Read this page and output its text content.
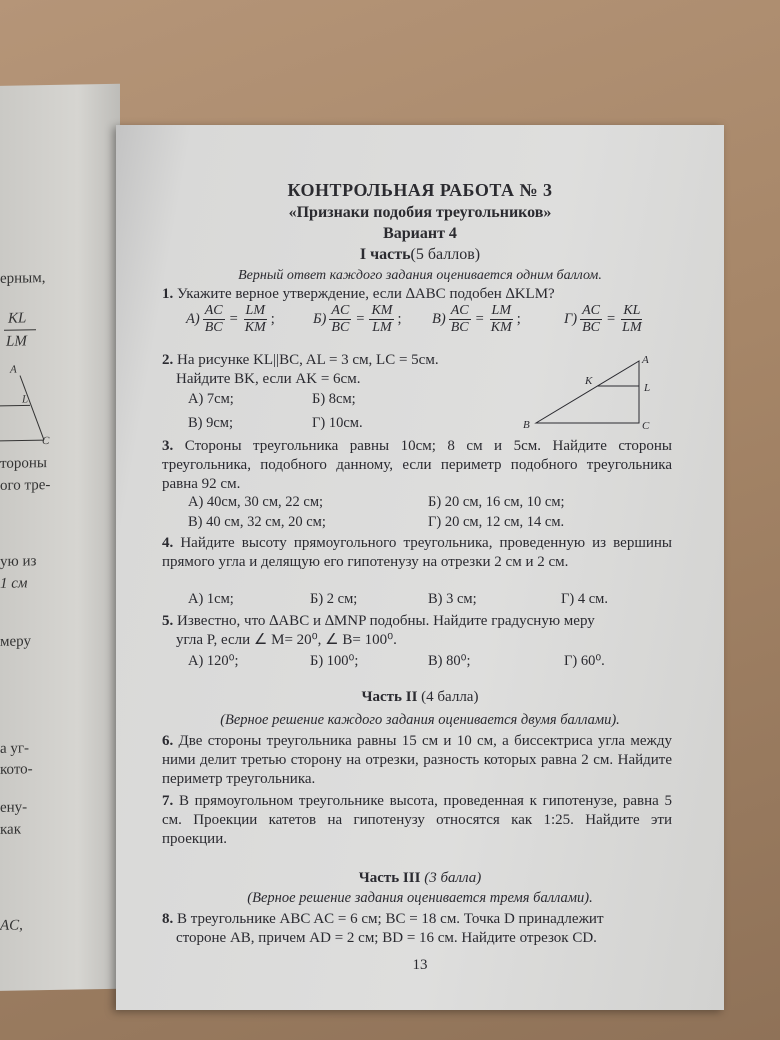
ерным,
KL
LM
A
L
C
тороны
ого тре-
ую из
1 см
меру
а уг-
кото-
ену-
как
AC,
КОНТРОЛЬНАЯ РАБОТА № 3
«Признаки подобия треугольников»
Вариант 4
I часть(5 баллов)
Верный ответ каждого задания оценивается одним баллом.
1. Укажите верное утверждение, если ∆ABC подобен ∆KLM?
$А) \frac{AC}{BC} = \frac{LM}{KM}$ ;	$Б) \frac{AC}{BC} = \frac{KM}{LM}$ ; $В) \frac{AC}{BC} = \frac{LM}{KM}$ ;	$Г) \frac{AC}{BC} = \frac{KL}{LM}$
2. На рисунке KL||BC, AL = 3 см, LC = 5см.
Найдите BK, если AK = 6см.
А) 7см;	Б) 8см;
В) 9см;	Г) 10см.
A
K
L
B	C
3. Стороны треугольника равны 10см; 8 см и 5см. Найдите стороны треугольника, подобного данному, если периметр подобного треугольника равна 92 см.
А) 40см, 30 см, 22 см;	Б) 20 см, 16 см, 10 см;
В) 40 см, 32 см, 20 см;	Г) 20 см, 12 см, 14 см.
4. Найдите высоту прямоугольного треугольника, проведенную из вершины прямого угла и делящую его гипотенузу на отрезки 2 см и 2 см.
А) 1см;	Б) 2 см;	В) 3 см;	Г) 4 см.
5. Известно, что ∆ABC и ∆MNP подобны. Найдите градусную меру
угла P, если ∠ M= 20⁰, ∠ B= 100⁰.
А) 120⁰;	Б) 100⁰;	В) 80⁰;	Г) 60⁰.
Часть II (4 балла)
(Верное решение каждого задания оценивается двумя баллами).
6. Две стороны треугольника равны 15 см и 10 см, а биссектриса угла между ними делит третью сторону на отрезки, разность которых равна 2 см. Найдите периметр треугольника.
7. В прямоугольном треугольнике высота, проведенная к гипотенузе, равна 5 см. Проекции катетов на гипотенузу относятся как 1:25. Найдите эти проекции.
Часть III (3 балла)
(Верное решение задания оценивается тремя баллами).
8. В треугольнике ABC AC = 6 см; BC = 18 см. Точка D принадлежит
стороне AB, причем AD = 2 см; BD = 16 см. Найдите отрезок CD.
13
